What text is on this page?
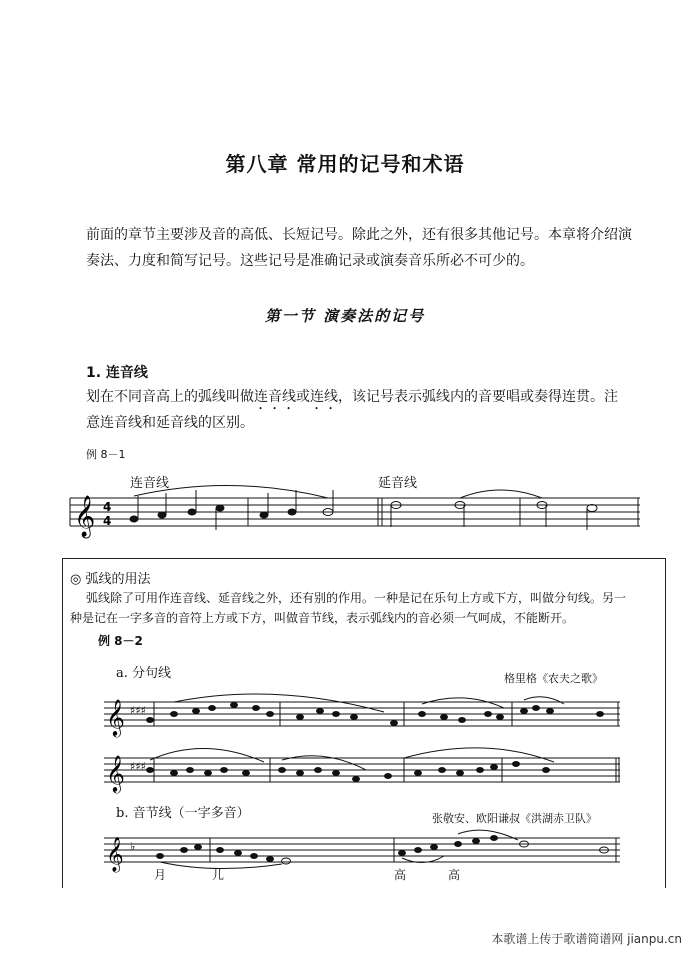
第八章 常用的记号和术语
前面的章节主要涉及音的高低、长短记号。除此之外，还有很多其他记号。本章将介绍演
奏法、力度和简写记号。这些记号是准确记录或演奏音乐所必不可少的。
第一节 演奏法的记号
1. 连音线
划在不同音高上的弧线叫做连音线或连线，该记号表示弧线内的音要唱或奏得连贯。注
意连音线和延音线的区别。
例 8－1
连音线	延音线
𝄞 4
4
◎ 弧线的用法
弧线除了可用作连音线、延音线之外，还有别的作用。一种是记在乐句上方或下方，叫做分句线。另一
种是记在一字多音的音符上方或下方，叫做音节线，表示弧线内的音必须一气呵成，不能断开。
例 8－2
a. 分句线	格里格《农夫之歌》
𝄞 ♯♯♯
𝄞 ♯♯♯
b. 音节线（一字多音）	张敬安、欧阳谦叔《洪湖赤卫队》
𝄞 ♭
月	儿	高	高
本歌谱上传于歌谱简谱网 jianpu.cn
